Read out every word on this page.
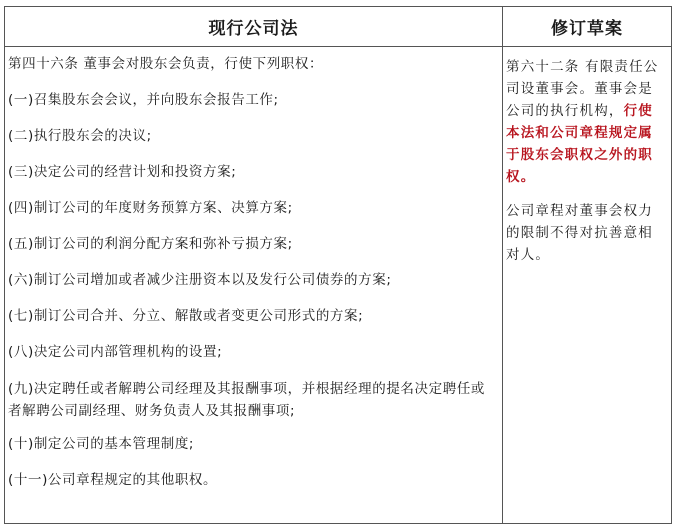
现行公司法	修订草案
第四十六条 董事会对股东会负责，行使下列职权：
(一)召集股东会会议，并向股东会报告工作;
(二)执行股东会的决议;
(三)决定公司的经营计划和投资方案;
(四)制订公司的年度财务预算方案、决算方案;
(五)制订公司的利润分配方案和弥补亏损方案;
(六)制订公司增加或者减少注册资本以及发行公司债券的方案;
(七)制订公司合并、分立、解散或者变更公司形式的方案;
(八)决定公司内部管理机构的设置;
(九)决定聘任或者解聘公司经理及其报酬事项，并根据经理的提名决定聘任或者解聘公司副经理、财务负责人及其报酬事项;
(十)制定公司的基本管理制度;
(十一)公司章程规定的其他职权。
第六十二条 有限责任公司设董事会。董事会是公司的执行机构，行使本法和公司章程规定属于股东会职权之外的职权。
公司章程对董事会权力的限制不得对抗善意相对人。
